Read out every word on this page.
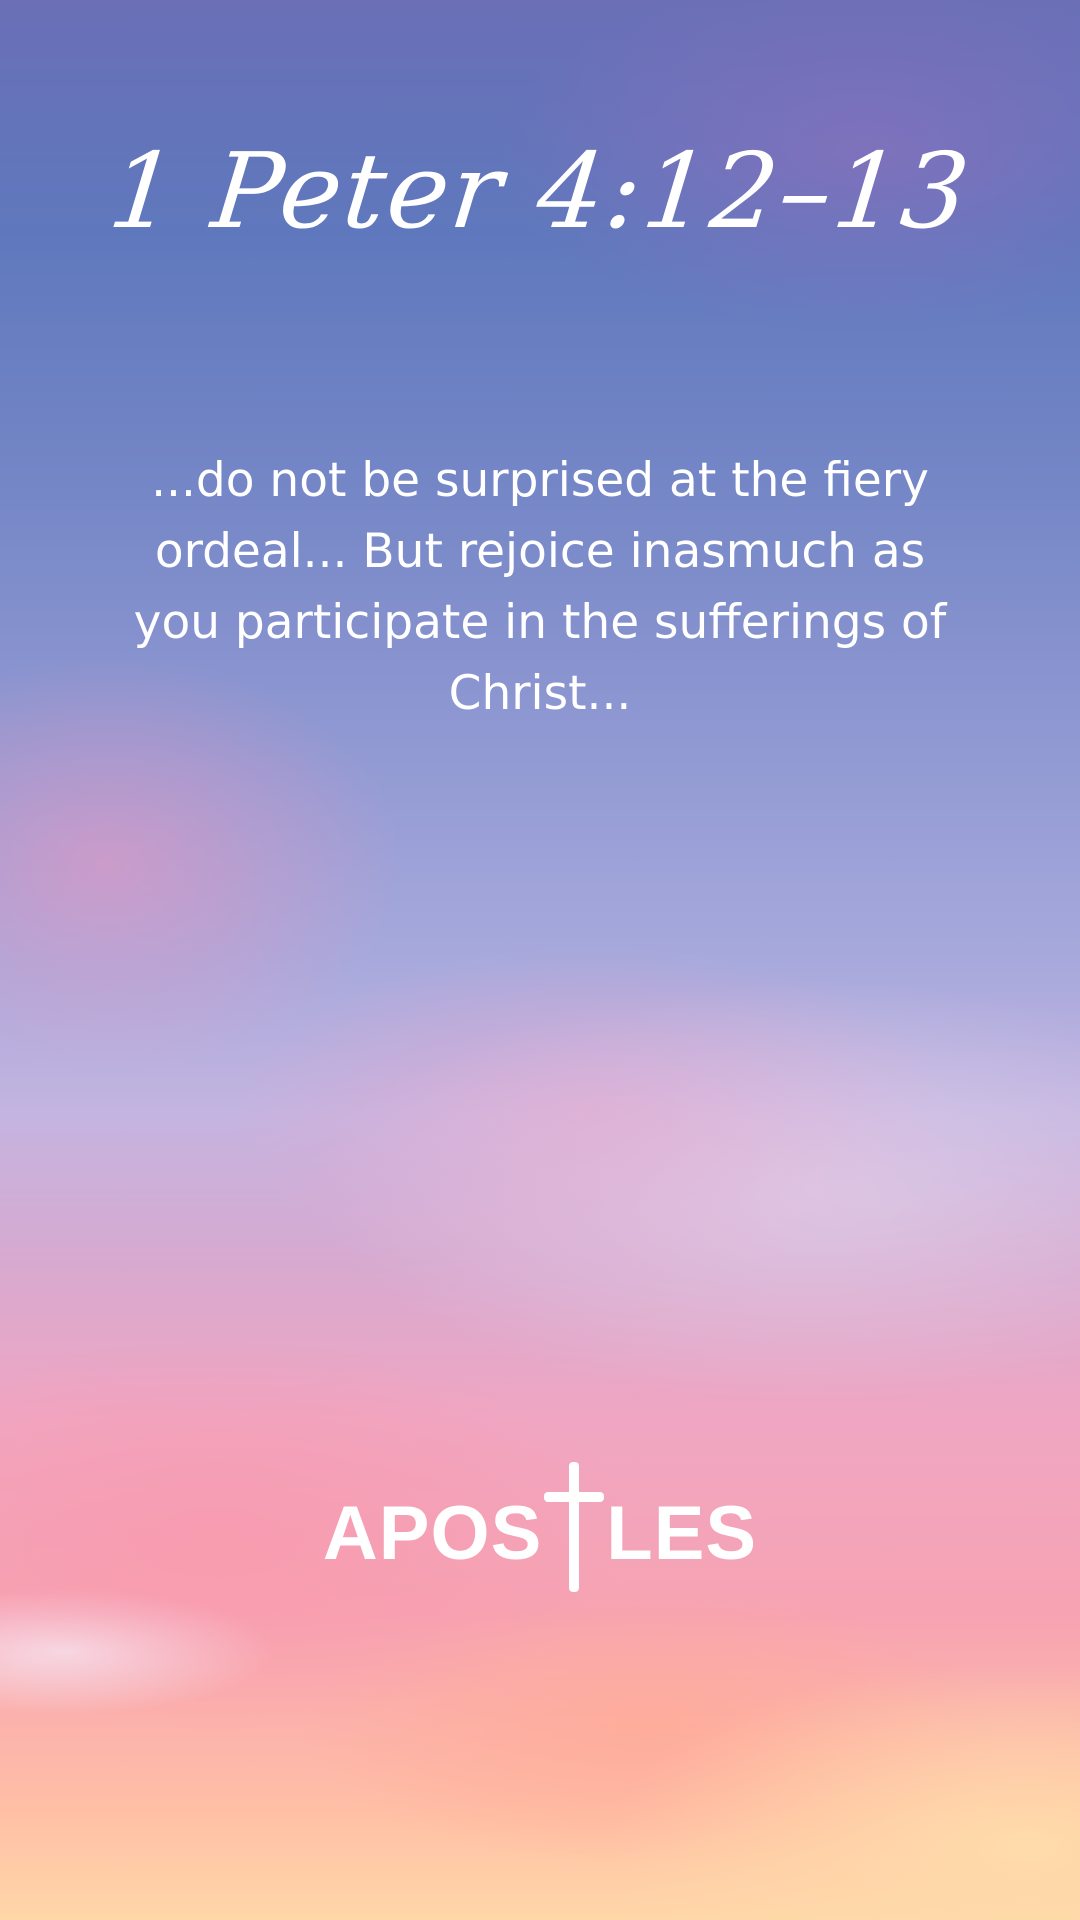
1 Peter 4:12–13
...do not be surprised at the fiery ordeal... But rejoice inasmuch as you participate in the sufferings of Christ...
APOS LES
